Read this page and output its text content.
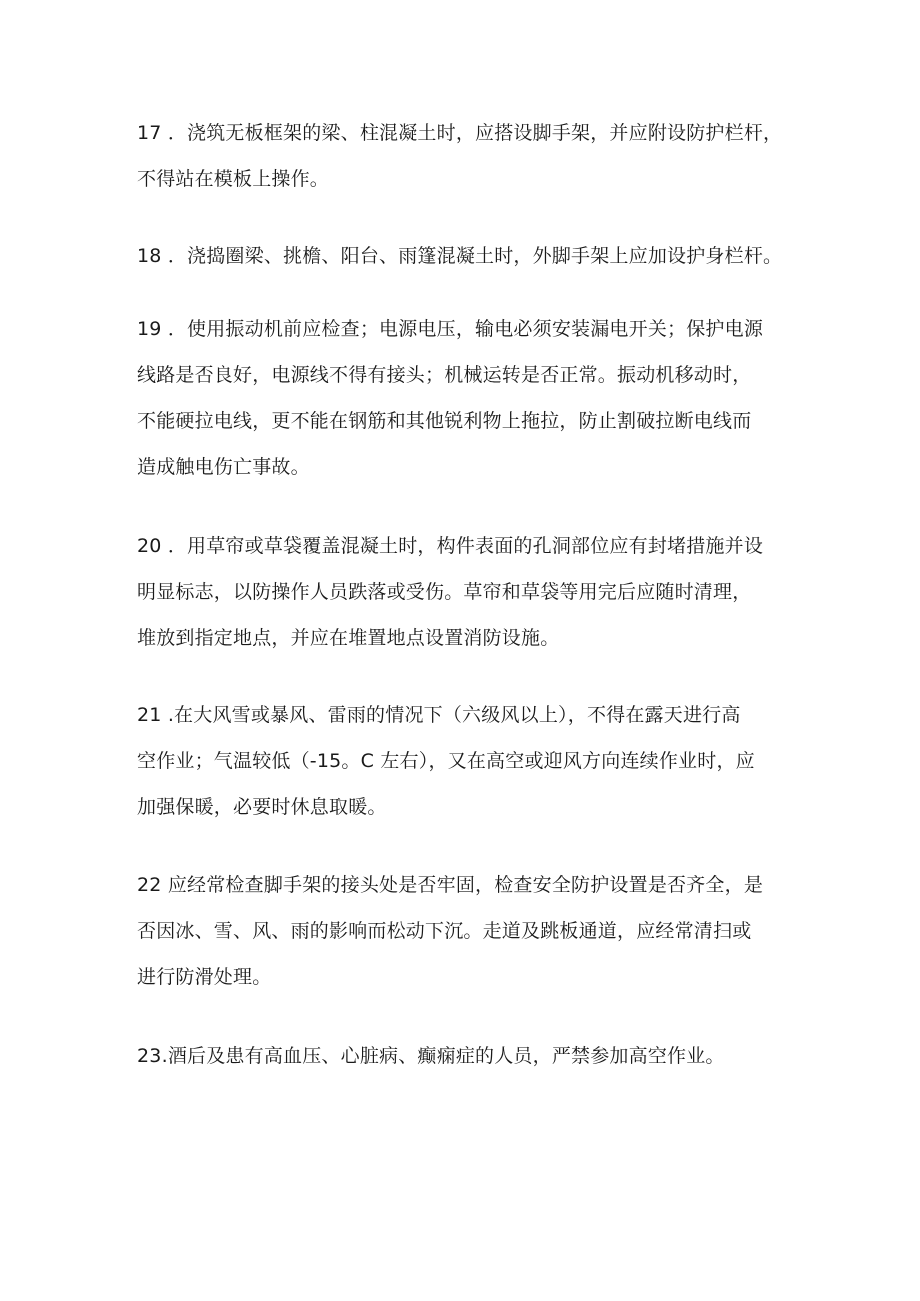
17 ．浇筑无板框架的梁、柱混凝土时，应搭设脚手架，并应附设防护栏杆，
不得站在模板上操作。
18 ．浇捣圈梁、挑檐、阳台、雨篷混凝土时，外脚手架上应加设护身栏杆。
19 ．使用振动机前应检查；电源电压，输电必须安装漏电开关；保护电源
线路是否良好，电源线不得有接头；机械运转是否正常。振动机移动时，
不能硬拉电线，更不能在钢筋和其他锐利物上拖拉，防止割破拉断电线而
造成触电伤亡事故。
20 ．用草帘或草袋覆盖混凝土时，构件表面的孔洞部位应有封堵措施并设
明显标志，以防操作人员跌落或受伤。草帘和草袋等用完后应随时清理，
堆放到指定地点，并应在堆置地点设置消防设施。
21 .在大风雪或暴风、雷雨的情况下（六级风以上），不得在露天进行高
空作业；气温较低（-15。C 左右），又在高空或迎风方向连续作业时，应
加强保暖，必要时休息取暖。
22 应经常检查脚手架的接头处是否牢固，检查安全防护设置是否齐全，是
否因冰、雪、风、雨的影响而松动下沉。走道及跳板通道，应经常清扫或
进行防滑处理。
23.酒后及患有高血压、心脏病、癫痫症的人员，严禁参加高空作业。
